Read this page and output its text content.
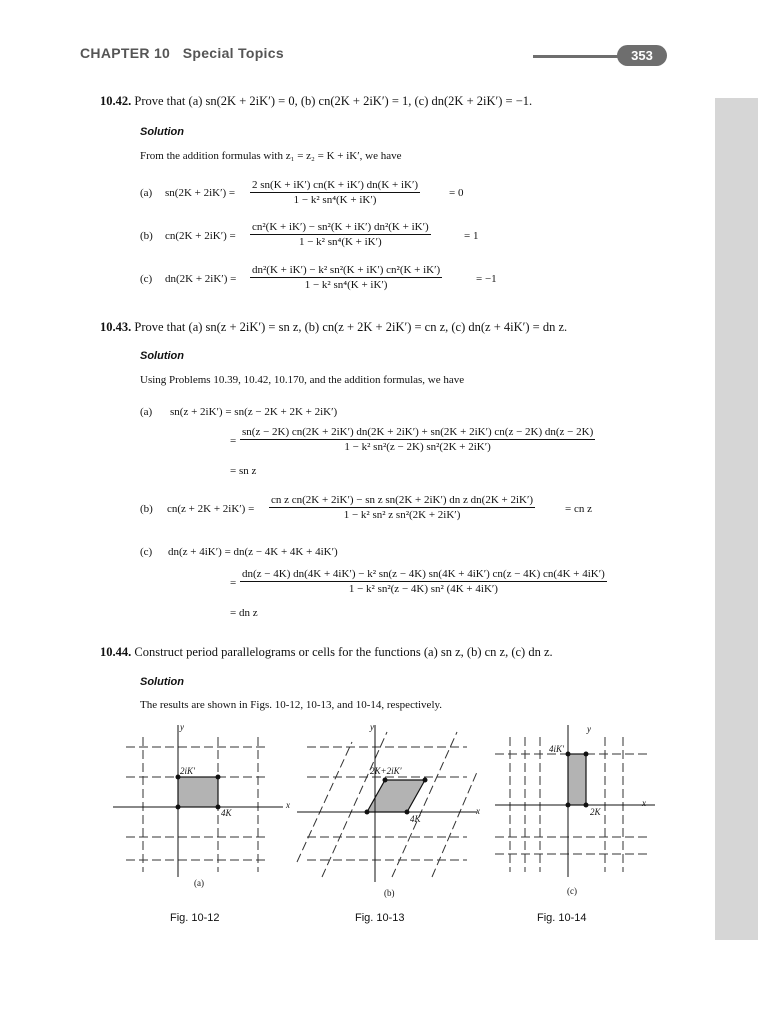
CHAPTER 10 Special Topics	353
10.42. Prove that (a) sn(2K + 2iK′) = 0, (b) cn(2K + 2iK′) = 1, (c) dn(2K + 2iK′) = −1.
Solution
From the addition formulas with z₁ = z₂ = K + iK′, we have
(a) $sn(2K + 2iK') = \frac{2 sn(K + iK') cn(K + iK') dn(K + iK')}{\text{1 − k² sn⁴(K + iK′)}}$	= 0
(b) $cn(2K + 2iK') = \frac{\text{cn²(K + iK′) − sn²(K + iK′) dn²(K + iK′)}}{\text{1 − k² sn⁴(K + iK′)}}$	= 1
(c) $dn(2K + 2iK') = \frac{\text{dn²(K + iK′) − k² sn²(K + iK′) cn²(K + iK′)}}{\text{1 − k² sn⁴(K + iK′)}}$	= −1
10.43. Prove that (a) sn(z + 2iK′) = sn z, (b) cn(z + 2K + 2iK′) = cn z, (c) dn(z + 4iK′) = dn z.
Solution
Using Problems 10.39, 10.42, 10.170, and the addition formulas, we have
(a) sn(z + 2iK′) = sn(z − 2K + 2K + 2iK′)
=
sn(z − 2K) cn(2K + 2iK′) dn(2K + 2iK′) + sn(2K + 2iK′) cn(z − 2K) dn(z − 2K)
1 − k² sn²(z − 2K) sn²(2K + 2iK′)
= sn z
(b) $cn(z + 2K + 2iK') = \frac{\text{cn z cn(2K + 2iK′) − sn z sn(2K + 2iK′) dn z dn(2K + 2iK′)}}{\text{1 − k² sn² z sn²(2K + 2iK′)}}$	= cn z
(c) dn(z + 4iK′) = dn(z − 4K + 4K + 4iK′)
=
dn(z − 4K) dn(4K + 4iK′) − k² sn(z − 4K) sn(4K + 4iK′) cn(z − 4K) cn(4K + 4iK′)
1 − k² sn²(z − 4K) sn² (4K + 4iK′)
= dn z
10.44. Construct period parallelograms or cells for the functions (a) sn z, (b) cn z, (c) dn z.
Solution
The results are shown in Figs. 10-12, 10-13, and 10-14, respectively.
y
x
2iK′
4K
(a)
Fig. 10-12
y
x
2K+2iK′
4K
(b)
Fig. 10-13
y
x
4iK′
2K
(c)
Fig. 10-14
